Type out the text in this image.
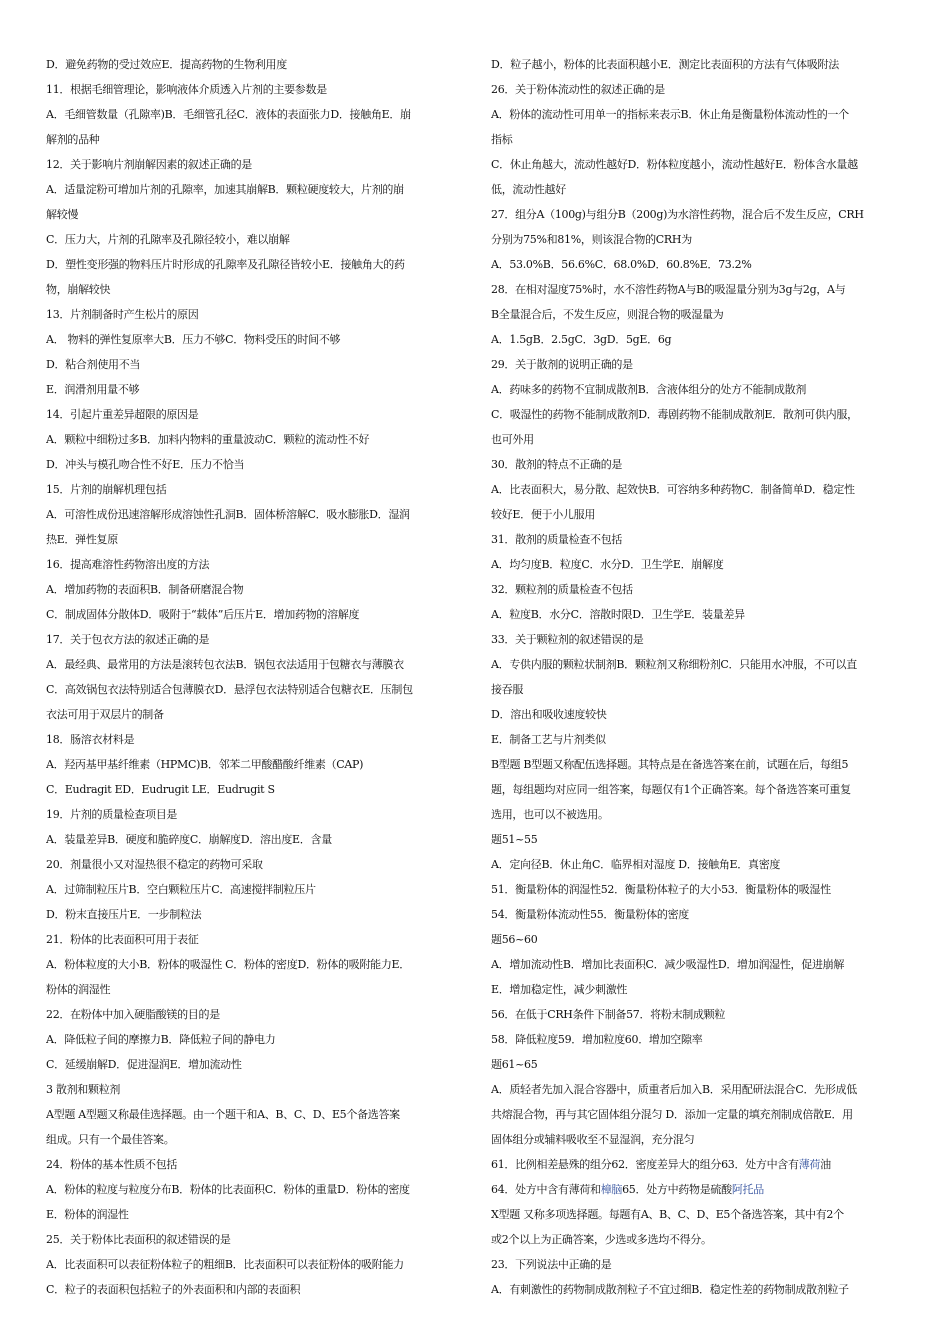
D．避免药物的受过效应E．提高药物的生物利用度
11．根据毛细管理论，影响液体介质透入片剂的主要参数是
A．毛细管数量（孔隙率)B．毛细管孔径C．液体的表面张力D．接触角E．崩
解剂的品种
12．关于影响片剂崩解因素的叙述正确的是
A．适量淀粉可增加片剂的孔隙率，加速其崩解B．颗粒硬度较大，片剂的崩
解较慢
C．压力大，片剂的孔隙率及孔隙径较小，难以崩解
D．塑性变形强的物料压片时形成的孔隙率及孔隙径皆较小E．接触角大的药
物，崩解较快
13．片剂制备时产生松片的原因
A． 物料的弹性复原率大B．压力不够C．物料受压的时间不够
D．粘合剂使用不当
E．润滑剂用量不够
14．引起片重差异超限的原因是
A．颗粒中细粉过多B．加料内物料的重量波动C．颗粒的流动性不好
D．冲头与模孔吻合性不好E．压力不恰当
15．片剂的崩解机理包括
A．可溶性成份迅速溶解形成溶蚀性孔洞B．固体桥溶解C．吸水膨胀D．湿润
热E．弹性复原
16．提高难溶性药物溶出度的方法
A．增加药物的表面积B．制备研磨混合物
C．制成固体分散体D．吸附于“载体”后压片E．增加药物的溶解度
17．关于包衣方法的叙述正确的是
A．最经典、最常用的方法是滚转包衣法B．锅包衣法适用于包糖衣与薄膜衣
C．高效锅包衣法特别适合包薄膜衣D．悬浮包衣法特别适合包糖衣E．压制包
衣法可用于双层片的制备
18．肠溶衣材料是
A．羟丙基甲基纤维素（HPMC)B．邻苯二甲酸醋酸纤维素（CAP)
C．Eudragit ED．Eudrugit LE．Eudrugit S
19．片剂的质量检查项目是
A．装量差异B．硬度和脆碎度C．崩解度D．溶出度E．含量
20．剂量很小又对湿热很不稳定的药物可采取
A．过筛制粒压片B．空白颗粒压片C．高速搅拌制粒压片
D．粉末直接压片E．一步制粒法
21．粉体的比表面积可用于表征
A．粉体粒度的大小B．粉体的吸湿性 C．粉体的密度D．粉体的吸附能力E．
粉体的润湿性
22．在粉体中加入硬脂酸镁的目的是
A．降低粒子间的摩擦力B．降低粒子间的静电力
C．延缓崩解D．促进湿润E．增加流动性
3 散剂和颗粒剂
A型题 A型题又称最佳选择题。由一个题干和A、B、C、D、E5个备选答案
组成。只有一个最佳答案。
24．粉体的基本性质不包括
A．粉体的粒度与粒度分布B．粉体的比表面积C．粉体的重量D．粉体的密度
E．粉体的润湿性
25．关于粉体比表面积的叙述错误的是
A．比表面积可以表征粉体粒子的粗细B．比表面积可以表征粉体的吸附能力
C．粒子的表面积包括粒子的外表面积和内部的表面积
D．粒子越小，粉体的比表面积越小E．测定比表面积的方法有气体吸附法
26．关于粉体流动性的叙述正确的是
A．粉体的流动性可用单一的指标来表示B．休止角是衡量粉体流动性的一个
指标
C．休止角越大，流动性越好D．粉体粒度越小，流动性越好E．粉体含水量越
低，流动性越好
27．组分A（100g)与组分B（200g)为水溶性药物，混合后不发生反应，CRH
分别为75%和81%，则该混合物的CRH为
A．53.0%B．56.6%C．68.0%D．60.8%E．73.2%
28．在相对湿度75%时，水不溶性药物A与B的吸湿量分别为3g与2g，A与
B全量混合后，不发生反应，则混合物的吸湿量为
A．1.5gB．2.5gC．3gD．5gE．6g
29．关于散剂的说明正确的是
A．药味多的药物不宜制成散剂B．含液体组分的处方不能制成散剂
C．吸湿性的药物不能制成散剂D．毒剧药物不能制成散剂E．散剂可供内服，
也可外用
30．散剂的特点不正确的是
A．比表面积大，易分散、起效快B．可容纳多种药物C．制备简单D．稳定性
较好E．便于小儿服用
31．散剂的质量检查不包括
A．均匀度B．粒度C．水分D．卫生学E．崩解度
32．颗粒剂的质量检查不包括
A．粒度B．水分C．溶散时限D．卫生学E．装量差异
33．关于颗粒剂的叙述错误的是
A．专供内服的颗粒状制剂B．颗粒剂又称细粉剂C．只能用水冲服，不可以直
接吞服
D．溶出和吸收速度较快
E．制备工艺与片剂类似
B型题 B型题又称配伍选择题。其特点是在备选答案在前，试题在后，每组5
题，每组题均对应同一组答案，每题仅有1个正确答案。每个备选答案可重复
选用，也可以不被选用。
题51~55
A．定向径B．休止角C．临界相对湿度 D．接触角E．真密度
51．衡量粉体的润湿性52．衡量粉体粒子的大小53．衡量粉体的吸湿性
54．衡量粉体流动性55．衡量粉体的密度
题56~60
A．增加流动性B．增加比表面积C．减少吸湿性D．增加润湿性，促进崩解
E．增加稳定性，减少刺激性
56．在低于CRH条件下制备57．将粉末制成颗粒
58．降低粒度59．增加粒度60．增加空隙率
题61~65
A．质轻者先加入混合容器中，质重者后加入B．采用配研法混合C．先形成低
共熔混合物，再与其它固体组分混匀 D．添加一定量的填充剂制成倍散E．用
固体组分或辅料吸收至不显湿润，充分混匀
61．比例相差悬殊的组分62．密度差异大的组分63．处方中含有薄荷油
64．处方中含有薄荷和樟脑65．处方中药物是硫酸阿托品
X型题 又称多项选择题。每题有A、B、C、D、E5个备选答案，其中有2个
或2个以上为正确答案，少选或多选均不得分。
23．下列说法中正确的是
A．有刺激性的药物制成散剂粒子不宜过细B．稳定性差的药物制成散剂粒子
